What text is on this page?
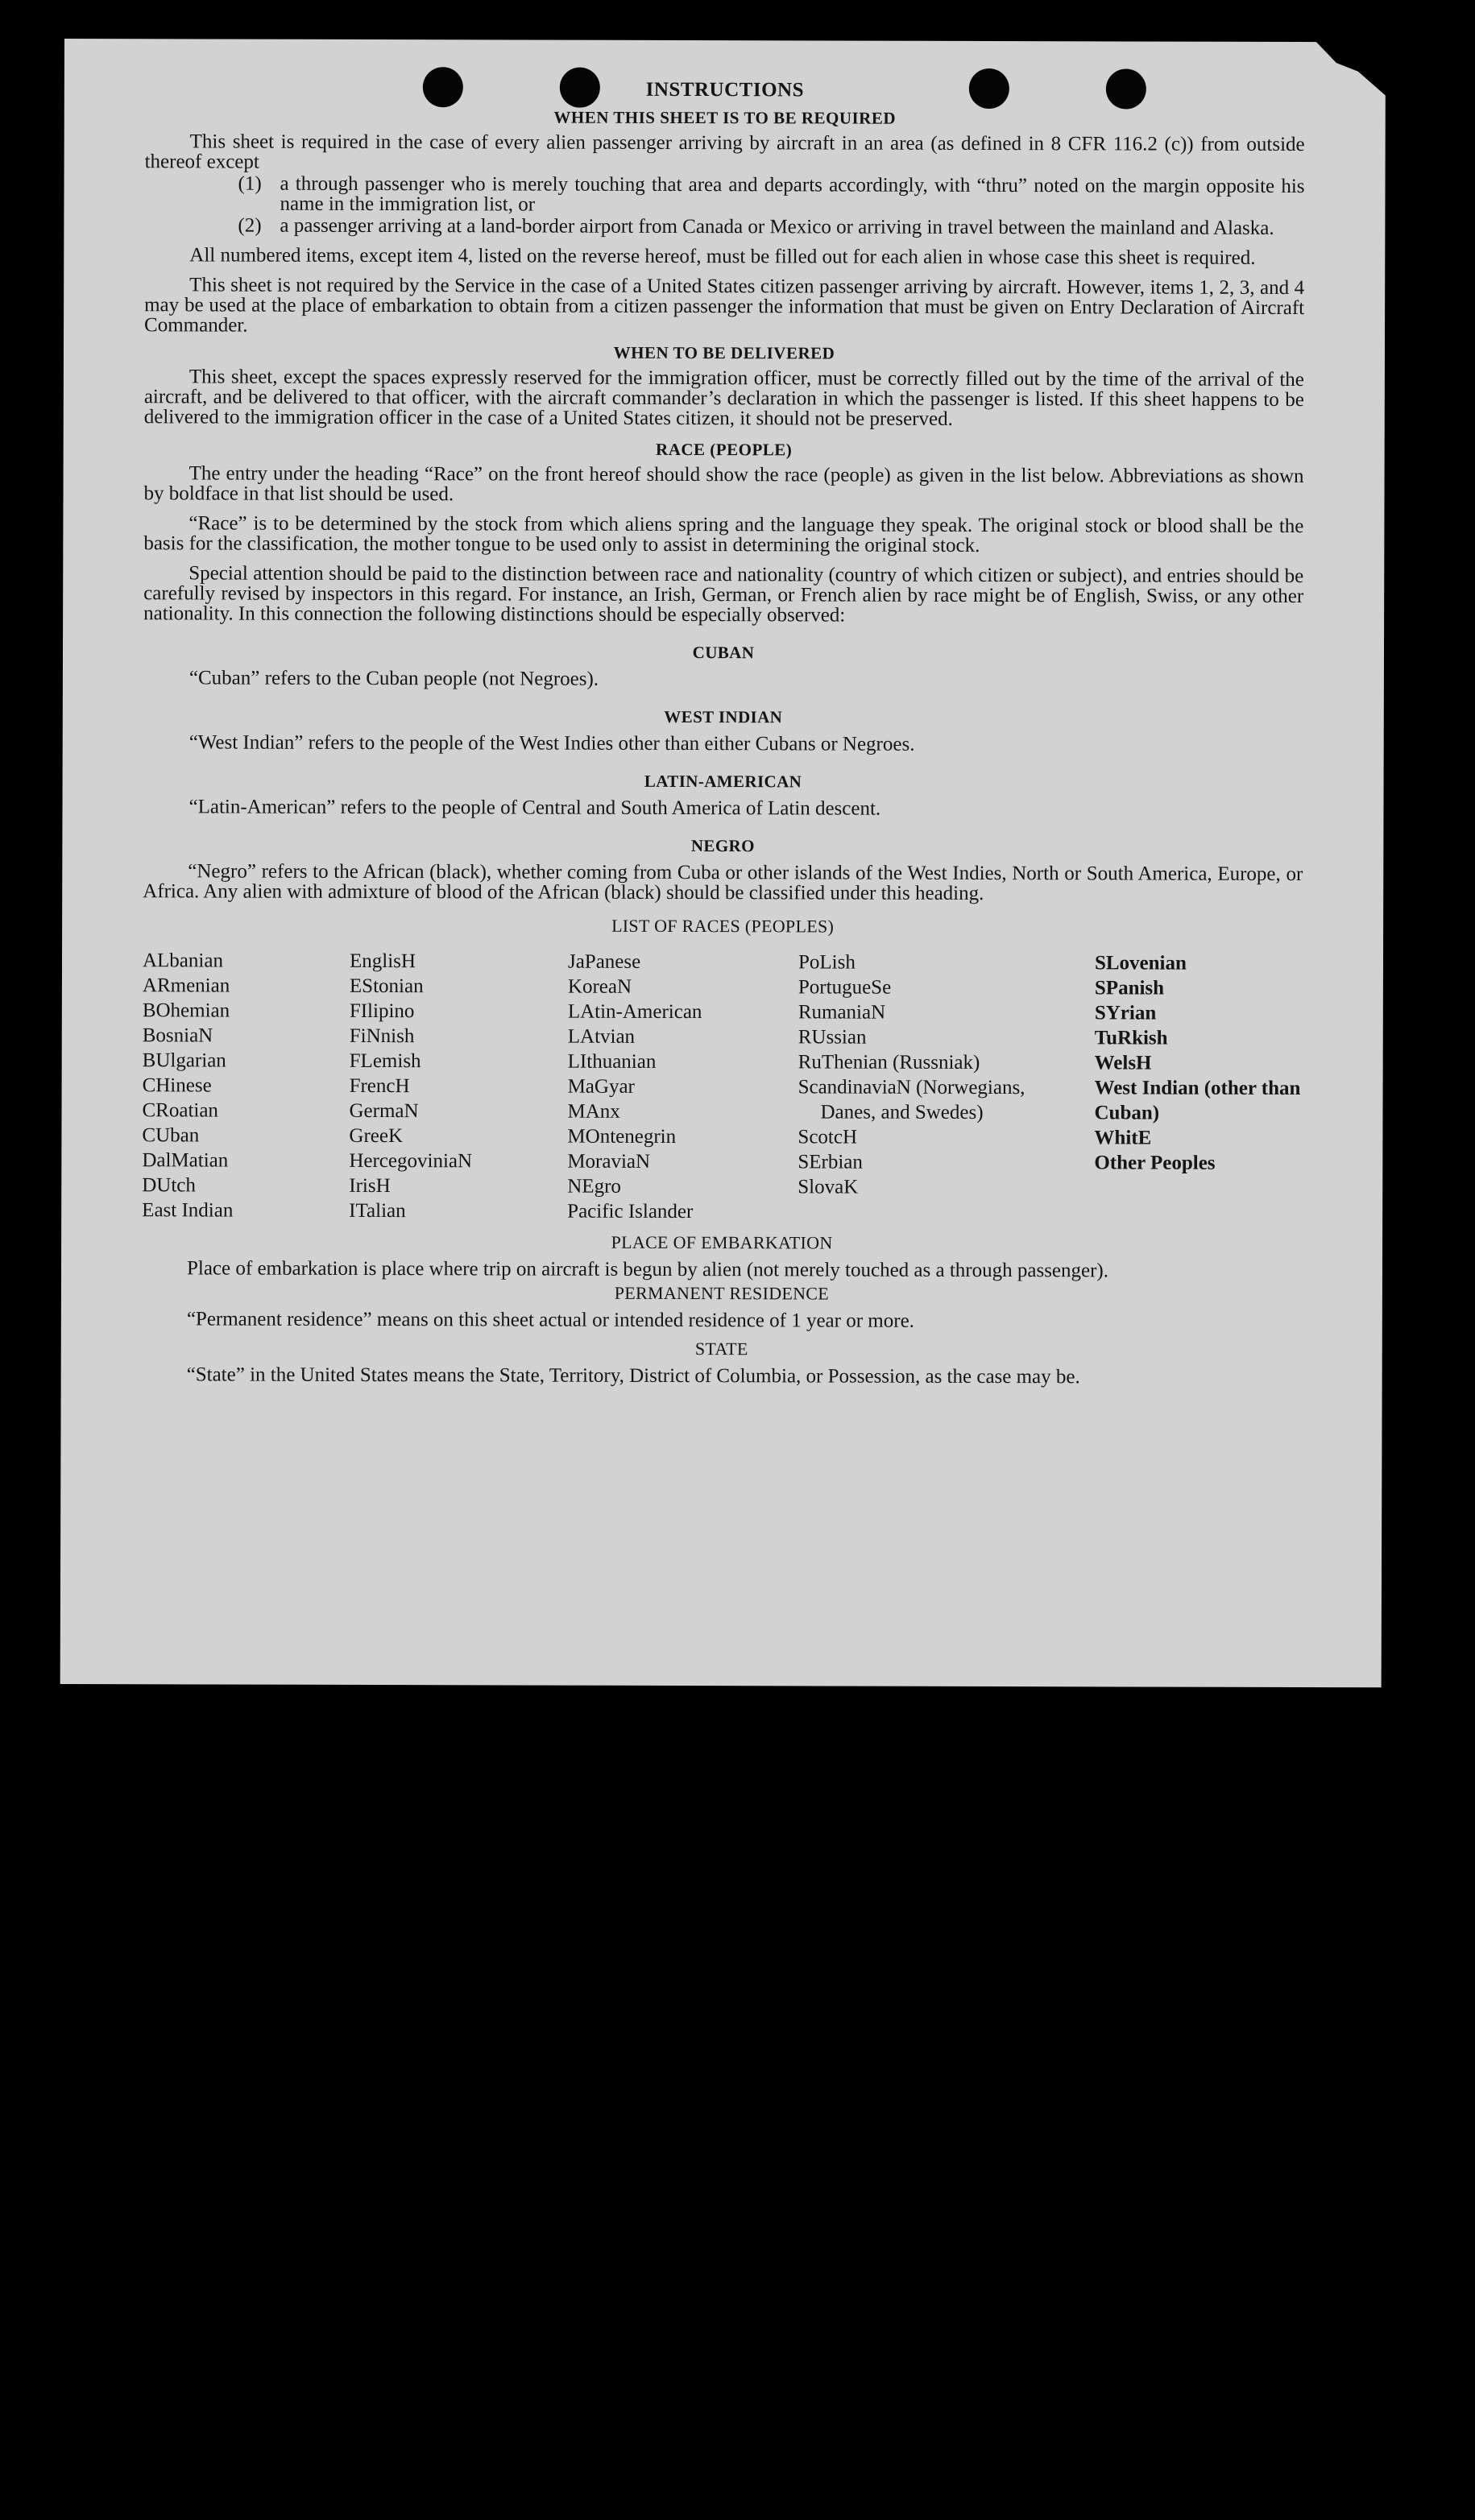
INSTRUCTIONS
WHEN THIS SHEET IS TO BE REQUIRED

This sheet is required in the case of every alien passenger arriving by aircraft in an area (as defined in 8 CFR 116.2 (c)) from outside thereof except

(1) a through passenger who is merely touching that area and departs accordingly, with “thru” noted on the margin opposite his name in the immigration list, or
(2) a passenger arriving at a land-border airport from Canada or Mexico or arriving in travel between the mainland and Alaska.

All numbered items, except item 4, listed on the reverse hereof, must be filled out for each alien in whose case this sheet is required.

This sheet is not required by the Service in the case of a United States citizen passenger arriving by aircraft. However, items 1, 2, 3, and 4 may be used at the place of embarkation to obtain from a citizen passenger the information that must be given on Entry Declaration of Aircraft Commander.

WHEN TO BE DELIVERED

This sheet, except the spaces expressly reserved for the immigration officer, must be correctly filled out by the time of the arrival of the aircraft, and be delivered to that officer, with the aircraft commander’s declaration in which the passenger is listed. If this sheet happens to be delivered to the immigration officer in the case of a United States citizen, it should not be preserved.

RACE (PEOPLE)

The entry under the heading “Race” on the front hereof should show the race (people) as given in the list below. Abbreviations as shown by boldface in that list should be used.

“Race” is to be determined by the stock from which aliens spring and the language they speak. The original stock or blood shall be the basis for the classification, the mother tongue to be used only to assist in determining the original stock.

Special attention should be paid to the distinction between race and nationality (country of which citizen or subject), and entries should be carefully revised by inspectors in this regard. For instance, an Irish, German, or French alien by race might be of English, Swiss, or any other nationality. In this connection the following distinctions should be especially observed:

CUBAN
“Cuban” refers to the Cuban people (not Negroes).
WEST INDIAN
“West Indian” refers to the people of the West Indies other than either Cubans or Negroes.
LATIN-AMERICAN
“Latin-American” refers to the people of Central and South America of Latin descent.
NEGRO

“Negro” refers to the African (black), whether coming from Cuba or other islands of the West Indies, North or South America, Europe, or Africa. Any alien with admixture of blood of the African (black) should be classified under this heading.

LIST OF RACES (PEOPLES)
ALbanian
ARmenian
BOhemian
BosniaN
BUlgarian
CHinese
CRoatian
CUban
DalMatian
DUtch
East Indian
EnglisH
EStonian
FIlipino
FiNnish
FLemish
FrencH
GermaN
GreeK
HercegoviniaN
IrisH
ITalian
JaPanese
KoreaN
LAtin-American
LAtvian
LIthuanian
MaGyar
MAnx
MOntenegrin
MoraviaN
NEgro
Pacific Islander
PoLish
PortugueSe
RumaniaN
RUssian
RuThenian (Russniak)
ScandinaviaN (Norwegians, Danes, and Swedes)
ScotcH
SErbian
SlovaK
SLovenian
SPanish
SYrian
TuRkish
WelsH
West Indian (other than Cuban)
WhitE
Other Peoples
PLACE OF EMBARKATION

Place of embarkation is place where trip on aircraft is begun by alien (not merely touched as a through passenger).

PERMANENT RESIDENCE

“Permanent residence” means on this sheet actual or intended residence of 1 year or more.

STATE

“State” in the United States means the State, Territory, District of Columbia, or Possession, as the case may be.
